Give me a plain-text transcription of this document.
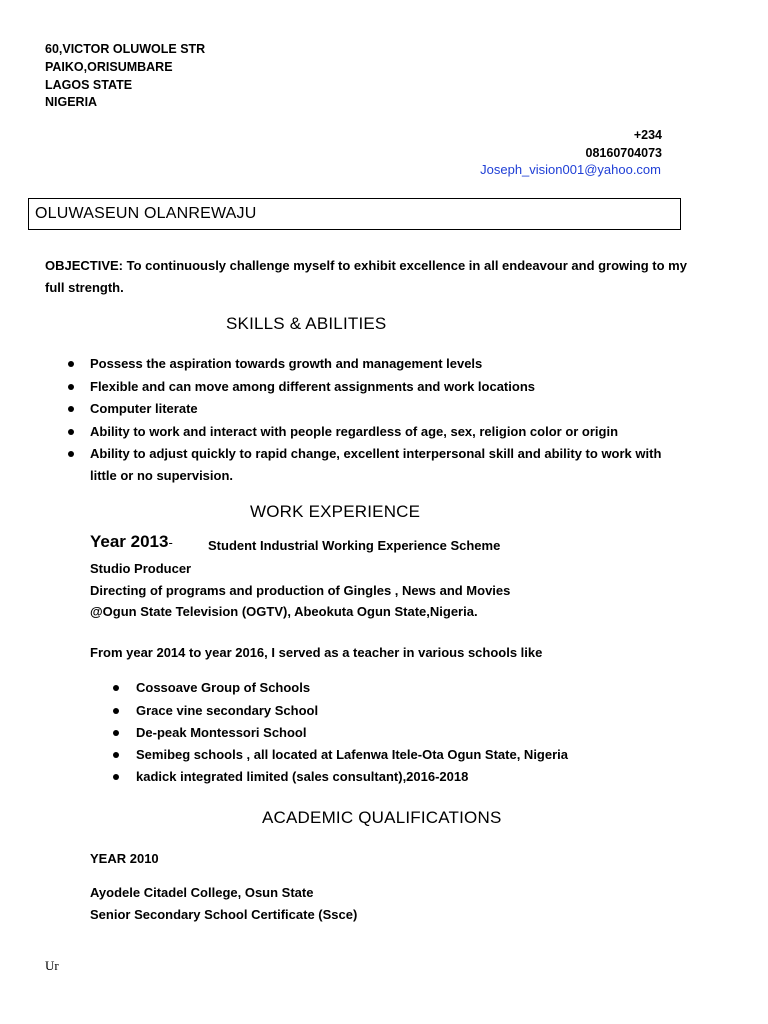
60,VICTOR OLUWOLE STR
PAIKO,ORISUMBARE
LAGOS STATE
NIGERIA
+234
08160704073
Joseph_vision001@yahoo.com
OLUWASEUN OLANREWAJU
OBJECTIVE: To continuously challenge myself to exhibit excellence in all endeavour and growing to my
full strength.
SKILLS & ABILITIES
Possess the aspiration towards growth and management levels
Flexible and can move among different assignments and work locations
Computer literate
Ability to work and interact with people regardless of age, sex, religion color or origin
Ability to adjust quickly to rapid change, excellent interpersonal skill and ability to work with
little or no supervision.
WORK EXPERIENCE
Year 2013-	Student Industrial Working Experience Scheme
Studio Producer
Directing of programs and production of Gingles , News and Movies
@Ogun State Television (OGTV), Abeokuta Ogun State,Nigeria.
From year 2014 to year 2016, I served as a teacher in various schools like
Cossoave Group of Schools
Grace vine secondary School
De-peak Montessori School
Semibeg schools , all located at Lafenwa Itele-Ota Ogun State, Nigeria
kadick integrated limited (sales consultant),2016-2018
ACADEMIC QUALIFICATIONS
YEAR 2010
Ayodele Citadel College, Osun State
Senior Secondary School Certificate (Ssce)
Ur
